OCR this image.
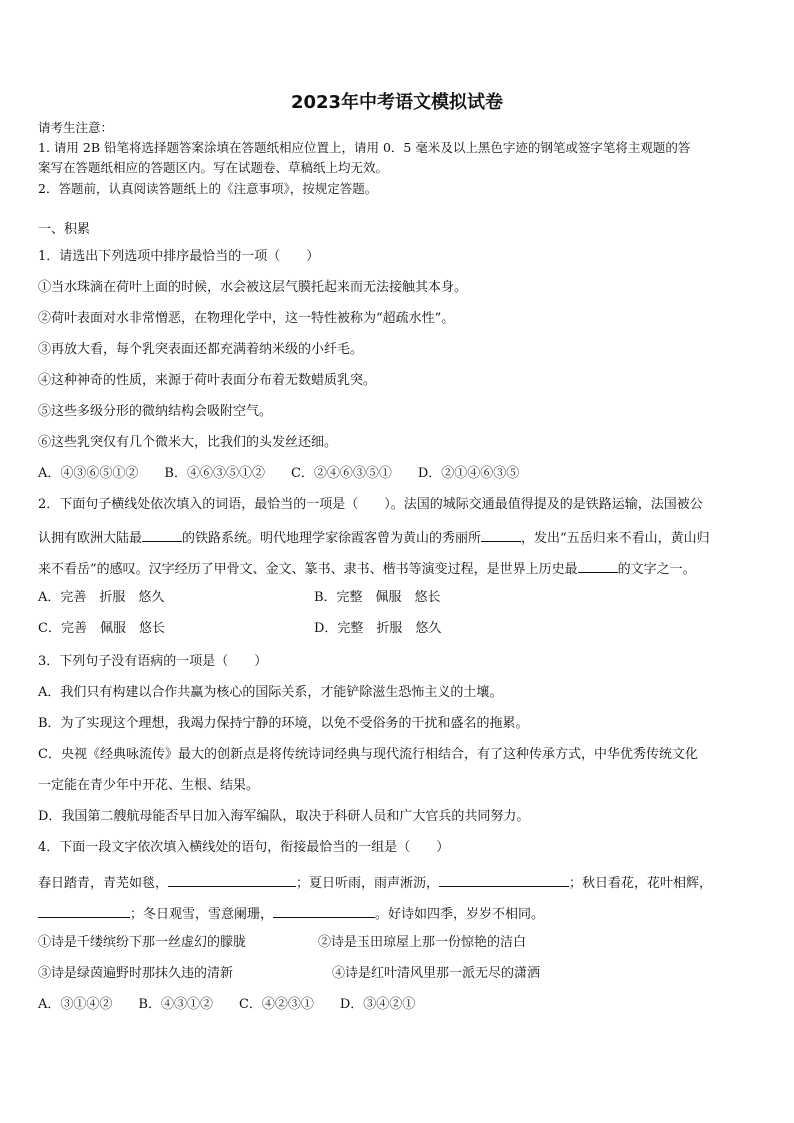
2023年中考语文模拟试卷
请考生注意：
1. 请用 2B 铅笔将选择题答案涂填在答题纸相应位置上，请用 0．5 毫米及以上黑色字迹的钢笔或签字笔将主观题的答
案写在答题纸相应的答题区内。写在试题卷、草稿纸上均无效。
2．答题前，认真阅读答题纸上的《注意事项》，按规定答题。
一、积累
1．请选出下列选项中排序最恰当的一项（　　）
①当水珠滴在荷叶上面的时候，水会被这层气膜托起来而无法接触其本身。
②荷叶表面对水非常憎恶，在物理化学中，这一特性被称为“超疏水性”。
③再放大看，每个乳突表面还都充满着纳米级的小纤毛。
④这种神奇的性质，来源于荷叶表面分布着无数蜡质乳突。
⑤这些多级分形的微纳结构会吸附空气。
⑥这些乳突仅有几个微米大，比我们的头发丝还细。
A．④③⑥⑤①②　　B．④⑥③⑤①②　　C．②④⑥③⑤①　　D．②①④⑥③⑤
2．下面句子横线处依次填入的词语，最恰当的一项是（　　）。法国的城际交通最值得提及的是铁路运输，法国被公
认拥有欧洲大陆最	的铁路系统。明代地理学家徐霞客曾为黄山的秀丽所	，发出“五岳归来不看山，黄山归
来不看岳”的感叹。汉字经历了甲骨文、金文、篆书、隶书、楷书等演变过程，是世界上历史最	的文字之一。
A．完善　折服　悠久	B．完整　佩服　悠长
C．完善　佩服　悠长	D．完整　折服　悠久
3．下列句子没有语病的一项是（　　）
A．我们只有构建以合作共赢为核心的国际关系，才能铲除滋生恐怖主义的土壤。
B．为了实现这个理想，我竭力保持宁静的环境，以免不受俗务的干扰和盛名的拖累。
C．央视《经典咏流传》最大的创新点是将传统诗词经典与现代流行相结合，有了这种传承方式，中华优秀传统文化
一定能在青少年中开花、生根、结果。
D．我国第二艘航母能否早日加入海军编队，取决于科研人员和广大官兵的共同努力。
4．下面一段文字依次填入横线处的语句，衔接最恰当的一组是（　　）
春日踏青，青芜如毯，	；夏日听雨，雨声淅沥，	；秋日看花，花叶相辉，
；冬日观雪，雪意阑珊，	。好诗如四季，岁岁不相同。
①诗是千缕缤纷下那一丝虚幻的朦胧	②诗是玉田琼屋上那一份惊艳的洁白
③诗是绿茵遍野时那抹久违的清新	④诗是红叶清风里那一派无尽的潇洒
A．③①④②　　B．④③①②　　C．④②③①　　D．③④②①
